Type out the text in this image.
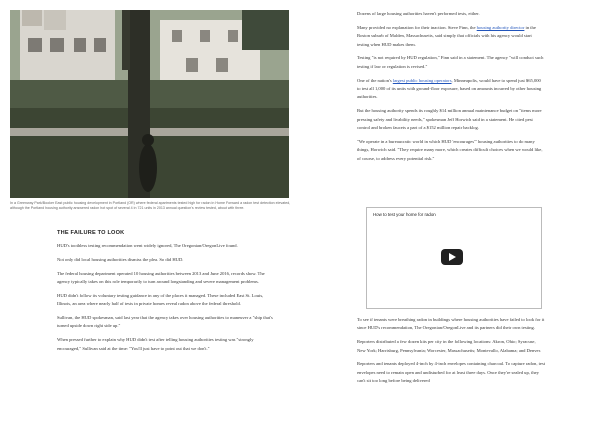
In a Greenway Park/Booker East public housing development in Portland (OR) where federal apartments tested high for radon in Home Forward a radon test detection elevated, although the Portland housing authority answered radon hot spot of several 4 in 721 units in 2013 annual question's review tested, about with three.
THE FAILURE TO LOOK

HUD's toothless testing recommendation went widely ignored, The Oregonian/OregonLive found.

Not only did local housing authorities dismiss the plea. So did HUD.

The federal housing department operated 10 housing authorities between 2013 and June 2016, records show. The agency typically takes on this role temporarily to turn around longstanding and severe management problems.

HUD didn't follow its voluntary testing guidance in any of the places it managed. These included East St. Louis, Illinois, an area where nearly half of tests in private homes reveal radon above the federal threshold.

Sullivan, the HUD spokesman, said last year that the agency takes over housing authorities to maneuver a "ship that's turned upside down right side up."

When pressed further to explain why HUD didn't test after telling housing authorities testing was "strongly encouraged," Sullivan said at the time: "You'll just have to point out that we don't."

Dozens of large housing authorities haven't performed tests, either.

Many provided no explanation for their inaction. Steve Finn, the housing authority director in the Boston suburb of Malden, Massachusetts, said simply that officials with his agency would start testing when HUD makes them.

Testing "is not required by HUD regulation," Finn said in a statement. The agency "will conduct such testing if law or regulation is revised."

One of the nation's largest public housing operators, Minneapolis, would have to spend just $65,000 to test all 1,000 of its units with ground-floor exposure, based on amounts incurred by other housing authorities.

But the housing authority spends its roughly $14 million annual maintenance budget on "items more pressing safety and livability needs," spokesman Jeff Horwich said in a statement. He cited pest control and broken faucets a part of a $152 million repair backlog.

"We operate in a bureaucratic world in which HUD 'encourages'" housing authorities to do many things, Horwich said. "They require many more, which creates difficult choices when we would like, of course, to address every potential risk."

How to test your home for radon

To see if tenants were breathing radon in buildings where housing authorities have failed to look for it since HUD's recommendation, The Oregonian/OregonLive and its partners did their own testing.

Reporters distributed a few dozen kits per city in the following locations: Akron, Ohio; Syracuse, New York; Harrisburg, Pennsylvania; Worcester, Massachusetts; Montevallo, Alabama; and Denver.

Reporters and tenants deployed 4-inch by 4-inch envelopes containing charcoal. To capture radon, test envelopes need to remain open and undisturbed for at least three days. Once they're sealed up, they can't sit too long before being delivered
